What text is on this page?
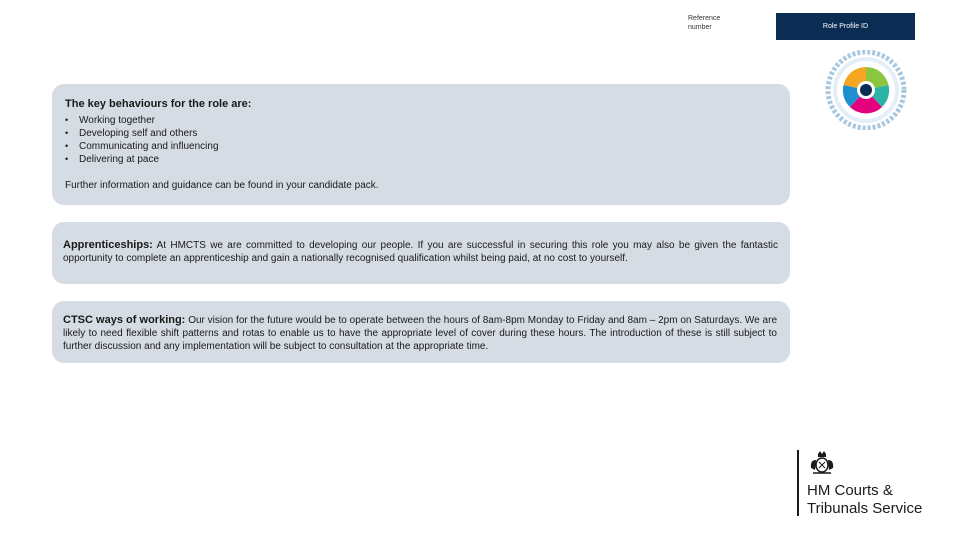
Reference
number	Role Profile ID
The key behaviours for the role are:
•	Working together
•	Developing self and others
•	Communicating and influencing
•	Delivering at pace
Further information and guidance can be found in your candidate pack.

Apprenticeships: At HMCTS we are committed to developing our people. If you are successful in securing this role you may also be given the fantastic opportunity to complete an apprenticeship and gain a nationally recognised qualification whilst being paid, at no cost to yourself.

CTSC ways of working: Our vision for the future would be to operate between the hours of 8am-8pm Monday to Friday and 8am – 2pm on Saturdays. We are likely to need flexible shift patterns and rotas to enable us to have the appropriate level of cover during these hours. The introduction of these is still subject to further discussion and any implementation will be subject to consultation at the appropriate time.

HM Courts &
Tribunals Service
